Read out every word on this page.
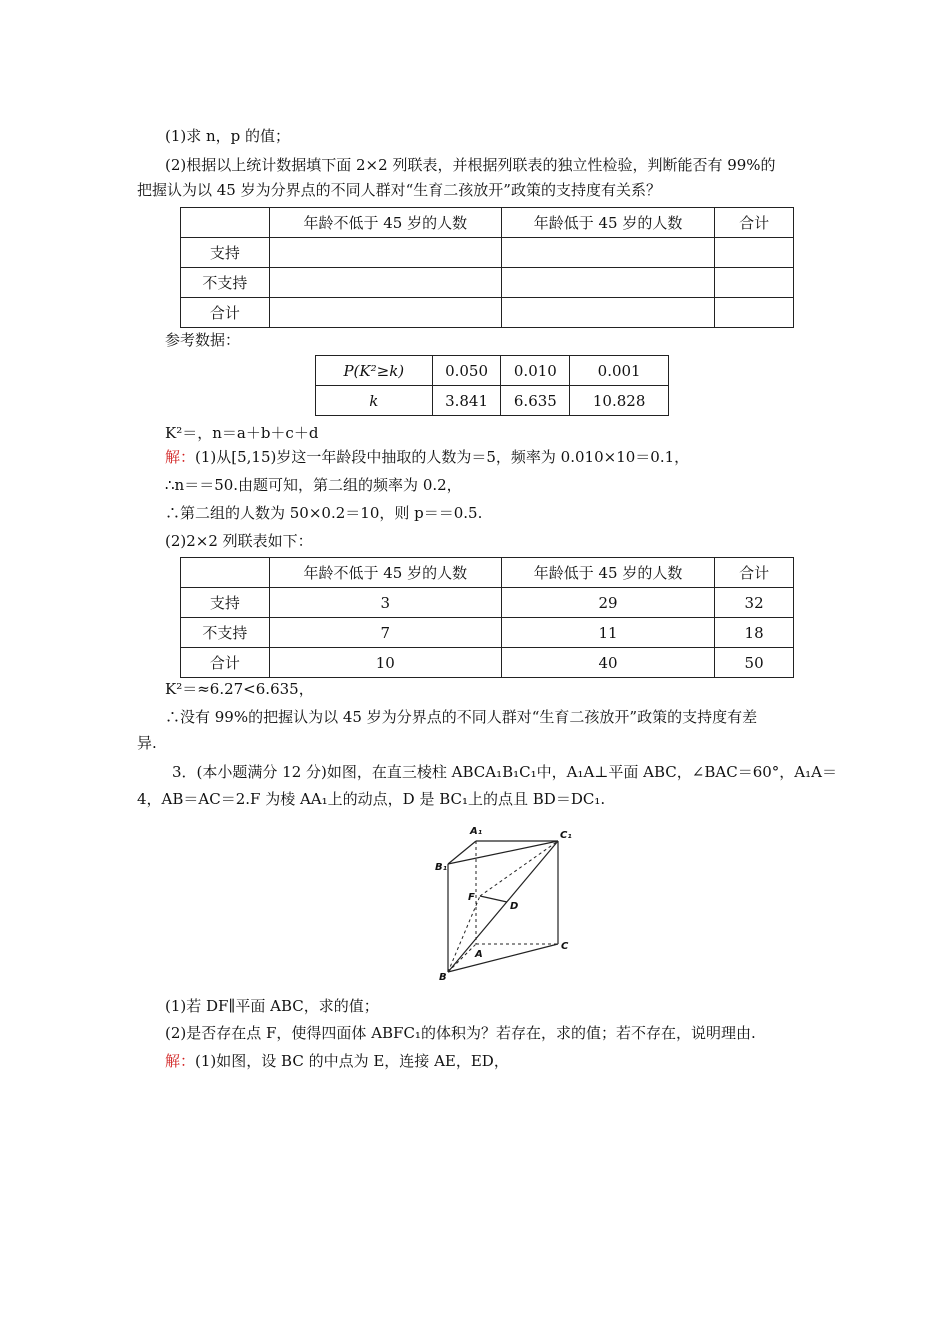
(1)求 n，p 的值；
(2)根据以上统计数据填下面 2×2 列联表，并根据列联表的独立性检验，判断能否有 99%的
把握认为以 45 岁为分界点的不同人群对“生育二孩放开”政策的支持度有关系？
	年龄不低于 45 岁的人数	年龄低于 45 岁的人数	合计
支持			
不支持			
合计			
参考数据：
P(K²≥k)	0.050	0.010	0.001
k	3.841	6.635	10.828
K²＝，n＝a＋b＋c＋d
解：(1)从[5,15)岁这一年龄段中抽取的人数为＝5，频率为 0.010×10＝0.1，
∴n＝＝50.由题可知，第二组的频率为 0.2，
∴第二组的人数为 50×0.2＝10，则 p＝＝0.5.
(2)2×2 列联表如下：
	年龄不低于 45 岁的人数	年龄低于 45 岁的人数	合计
支持	3	29	32
不支持	7	11	18
合计	10	40	50
K²＝≈6.27<6.635，
∴没有 99%的把握认为以 45 岁为分界点的不同人群对“生育二孩放开”政策的支持度有差
异.
3．(本小题满分 12 分)如图，在直三棱柱 ABCA₁B₁C₁中，A₁A⊥平面 ABC，∠BAC＝60°，A₁A＝
4，AB＝AC＝2.F 为棱 AA₁上的动点，D 是 BC₁上的点且 BD＝DC₁.
A₁	C₁
B₁
F
D
A
C
B
(1)若 DF∥平面 ABC，求的值；
(2)是否存在点 F，使得四面体 ABFC₁的体积为？若存在，求的值；若不存在，说明理由.
解：(1)如图，设 BC 的中点为 E，连接 AE，ED，
